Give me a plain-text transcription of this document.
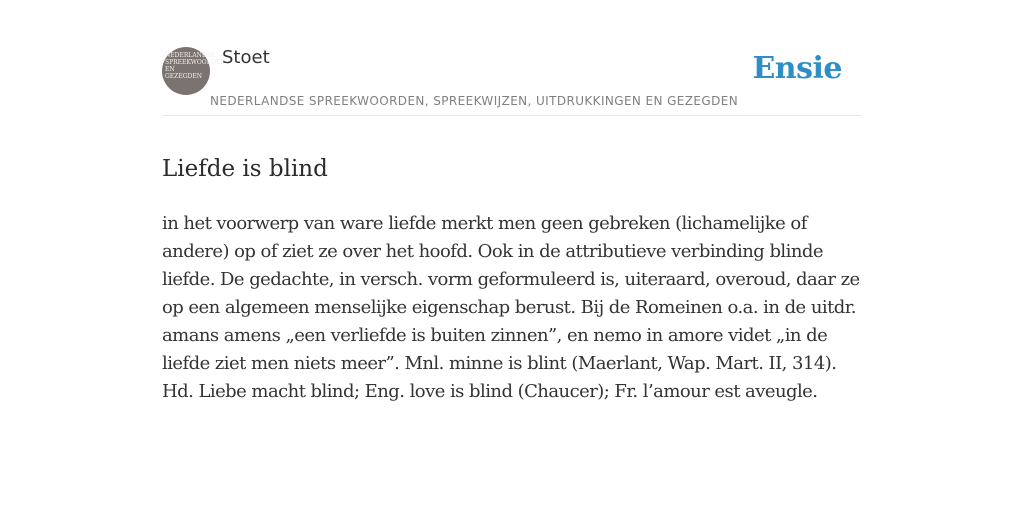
NEDERLANDSE SPREEKWOORDEN EN GEZEGDEN
Stoet
NEDERLANDSE SPREEKWOORDEN, SPREEKWIJZEN, UITDRUKKINGEN EN GEZEGDEN
Ensie
Liefde is blind

in het voorwerp van ware liefde merkt men geen gebreken (lichamelijke of andere) op of ziet ze over het hoofd. Ook in de attributieve verbinding blinde liefde. De gedachte, in versch. vorm geformuleerd is, uiteraard, overoud, daar ze op een algemeen menselijke eigenschap berust. Bij de Romeinen o.a. in de uitdr. amans amens „een verliefde is buiten zinnen”, en nemo in amore videt „in de liefde ziet men niets meer”. Mnl. minne is blint (Maerlant, Wap. Mart. II, 314). Hd. Liebe macht blind; Eng. love is blind (Chaucer); Fr. l’amour est aveugle.
